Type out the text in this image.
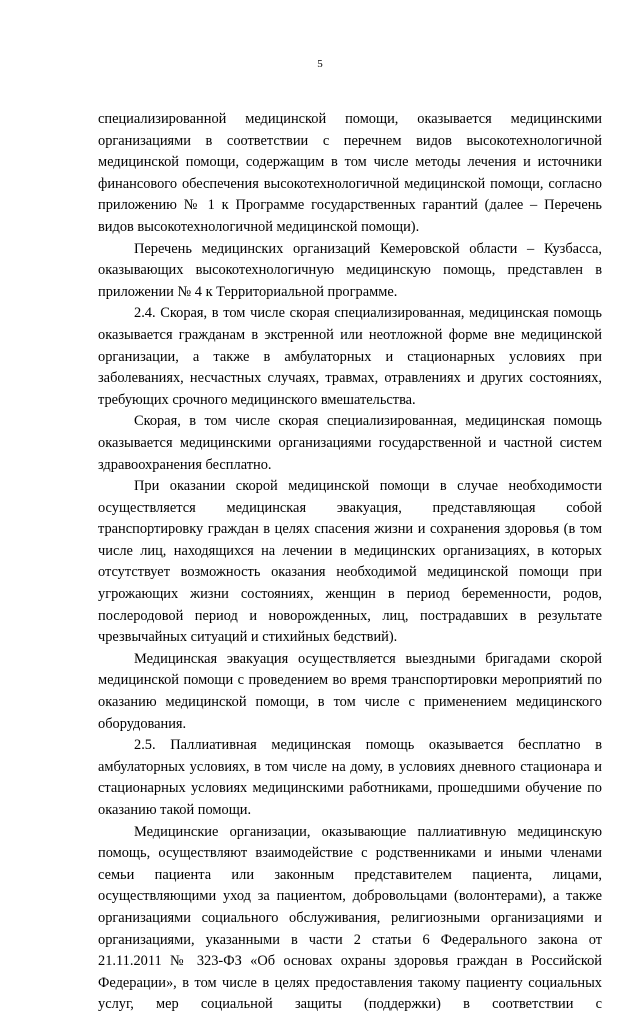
5

специализированной медицинской помощи, оказывается медицинскими организациями в соответствии с перечнем видов высокотехнологичной медицинской помощи, содержащим в том числе методы лечения и источники финансового обеспечения высокотехнологичной медицинской помощи, согласно приложению № 1 к Программе государственных гарантий (далее – Перечень видов высокотехнологичной медицинской помощи).

Перечень медицинских организаций Кемеровской области – Кузбасса, оказывающих высокотехнологичную медицинскую помощь, представлен в приложении № 4 к Территориальной программе.

2.4. Скорая, в том числе скорая специализированная, медицинская помощь оказывается гражданам в экстренной или неотложной форме вне медицинской организации, а также в амбулаторных и стационарных условиях при заболеваниях, несчастных случаях, травмах, отравлениях и других состояниях, требующих срочного медицинского вмешательства.

Скорая, в том числе скорая специализированная, медицинская помощь оказывается медицинскими организациями государственной и частной систем здравоохранения бесплатно.

При оказании скорой медицинской помощи в случае необходимости осуществляется медицинская эвакуация, представляющая собой транспортировку граждан в целях спасения жизни и сохранения здоровья (в том числе лиц, находящихся на лечении в медицинских организациях, в которых отсутствует возможность оказания необходимой медицинской помощи при угрожающих жизни состояниях, женщин в период беременности, родов, послеродовой период и новорожденных, лиц, пострадавших в результате чрезвычайных ситуаций и стихийных бедствий).

Медицинская эвакуация осуществляется выездными бригадами скорой медицинской помощи с проведением во время транспортировки мероприятий по оказанию медицинской помощи, в том числе с применением медицинского оборудования.

2.5. Паллиативная медицинская помощь оказывается бесплатно в амбулаторных условиях, в том числе на дому, в условиях дневного стационара и стационарных условиях медицинскими работниками, прошедшими обучение по оказанию такой помощи.

Медицинские организации, оказывающие паллиативную медицинскую помощь, осуществляют взаимодействие с родственниками и иными членами семьи пациента или законным представителем пациента, лицами, осуществляющими уход за пациентом, добровольцами (волонтерами), а также организациями социального обслуживания, религиозными организациями и организациями, указанными в части 2 статьи 6 Федерального закона от 21.11.2011 № 323-ФЗ «Об основах охраны здоровья граждан в Российской Федерации», в том числе в целях предоставления такому пациенту социальных услуг, мер социальной защиты (поддержки) в соответствии с
